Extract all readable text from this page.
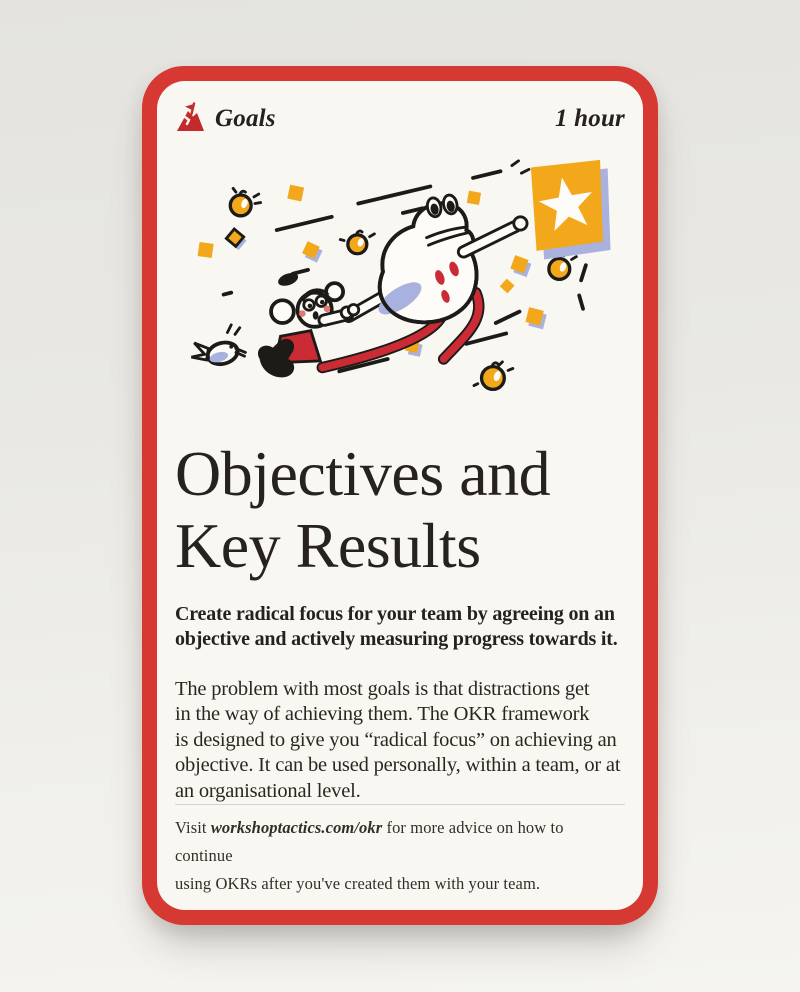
Goals	1 hour
Objectives and
Key Results
Create radical focus for your team by agreeing on an
objective and actively measuring progress towards it.
The problem with most goals is that distractions get
in the way of achieving them. The OKR framework
is designed to give you “radical focus” on achieving an
objective. It can be used personally, within a team, or at
an organisational level.
Visit workshoptactics.com/okr for more advice on how to continue
using OKRs after you've created them with your team.
